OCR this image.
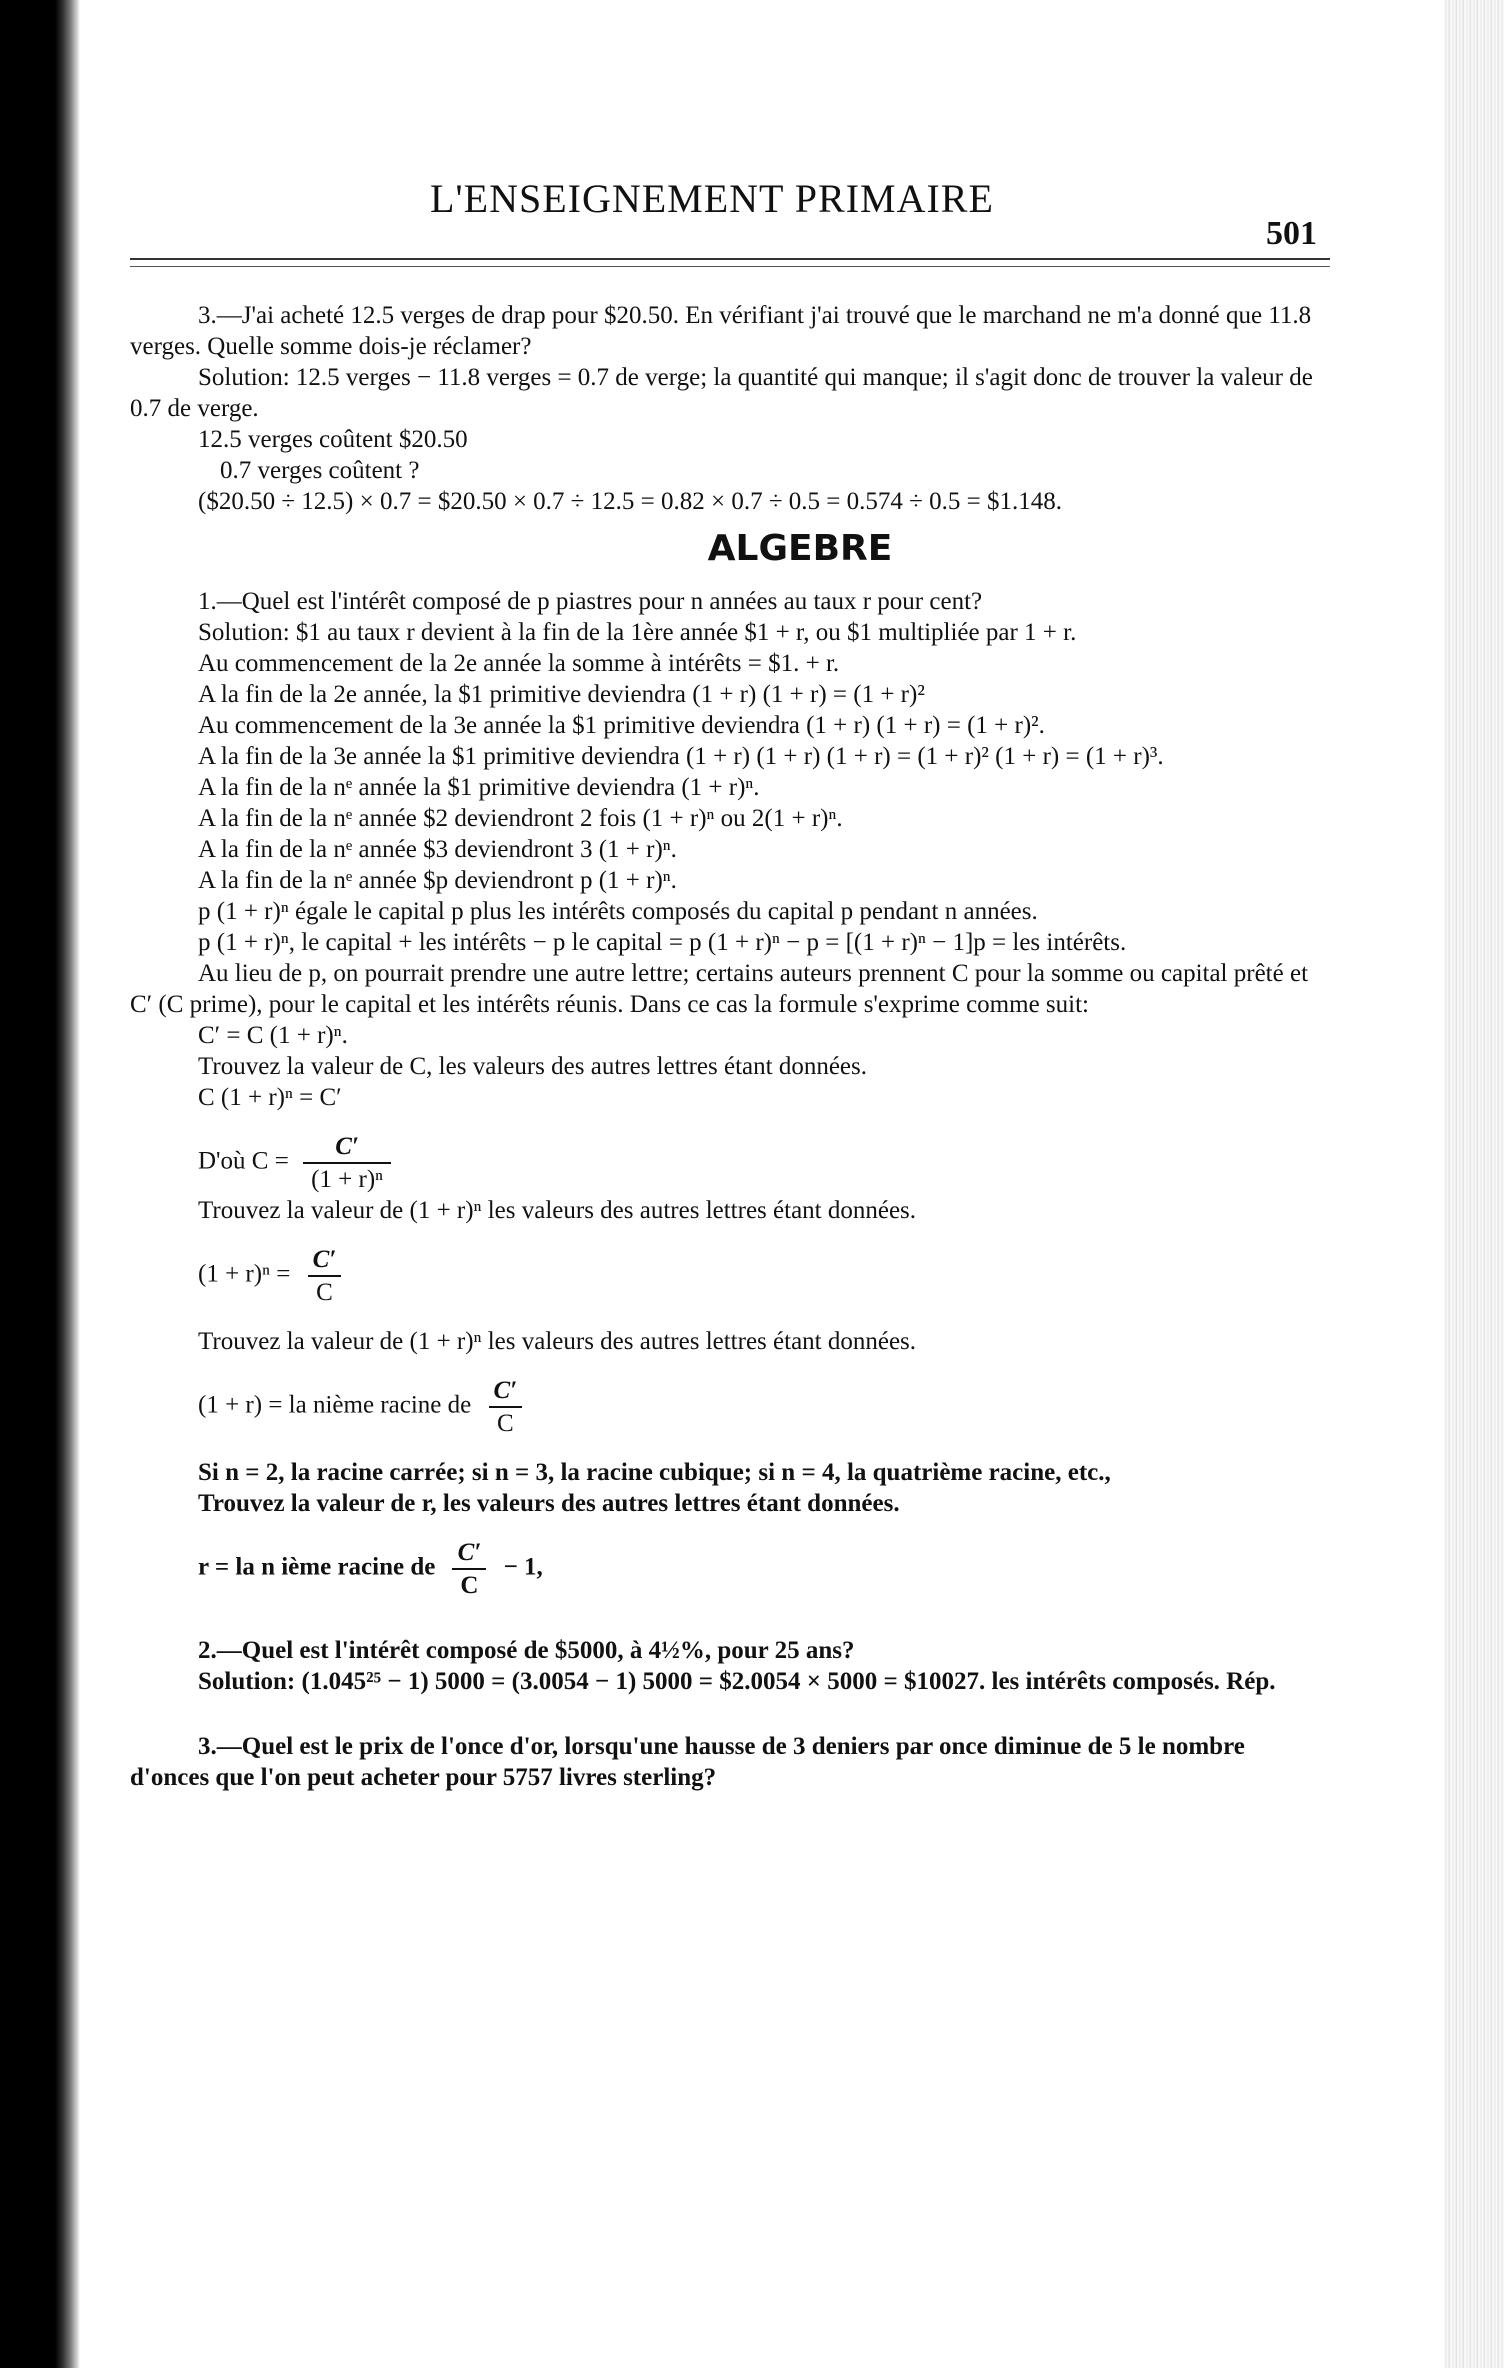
L'ENSEIGNEMENT PRIMAIRE
501

3.—J'ai acheté 12.5 verges de drap pour $20.50. En vérifiant j'ai trouvé que le marchand ne m'a donné que 11.8 verges. Quelle somme dois-je réclamer?

Solution: 12.5 verges − 11.8 verges = 0.7 de verge; la quantité qui manque; il s'agit donc de trouver la valeur de 0.7 de verge.

12.5 verges coûtent $20.50

0.7 verges coûtent ?

($20.50 ÷ 12.5) × 0.7 = $20.50 × 0.7 ÷ 12.5 = 0.82 × 0.7 ÷ 0.5 = 0.574 ÷ 0.5 = $1.148.

ALGEBRE

1.—Quel est l'intérêt composé de p piastres pour n années au taux r pour cent?

Solution: $1 au taux r devient à la fin de la 1ère année $1 + r, ou $1 multipliée par 1 + r.

Au commencement de la 2e année la somme à intérêts = $1. + r.

A la fin de la 2e année, la $1 primitive deviendra (1 + r) (1 + r) = (1 + r)²

Au commencement de la 3e année la $1 primitive deviendra (1 + r) (1 + r) = (1 + r)².

A la fin de la 3e année la $1 primitive deviendra (1 + r) (1 + r) (1 + r) = (1 + r)² (1 + r) = (1 + r)³.

A la fin de la nᵉ année la $1 primitive deviendra (1 + r)ⁿ.

A la fin de la nᵉ année $2 deviendront 2 fois (1 + r)ⁿ ou 2(1 + r)ⁿ.

A la fin de la nᵉ année $3 deviendront 3 (1 + r)ⁿ.

A la fin de la nᵉ année $p deviendront p (1 + r)ⁿ.

p (1 + r)ⁿ égale le capital p plus les intérêts composés du capital p pendant n années.

p (1 + r)ⁿ, le capital + les intérêts − p le capital = p (1 + r)ⁿ − p = [(1 + r)ⁿ − 1]p = les intérêts.

Au lieu de p, on pourrait prendre une autre lettre; certains auteurs prennent C pour la somme ou capital prêté et C′ (C prime), pour le capital et les intérêts réunis. Dans ce cas la formule s'exprime comme suit:

C′ = C (1 + r)ⁿ.

Trouvez la valeur de C, les valeurs des autres lettres étant données.

C (1 + r)ⁿ = C′

D'où $C = \frac{C'}{\text{(1 + r)ⁿ}}$

Trouvez la valeur de (1 + r)ⁿ les valeurs des autres lettres étant données.

$(1 + r)^n = \frac{C'}{C}$

Trouvez la valeur de (1 + r)ⁿ les valeurs des autres lettres étant données.

(1 + r) = la nième racine de $\frac{C'}{C}$

Si n = 2, la racine carrée; si n = 3, la racine cubique; si n = 4, la quatrième racine, etc.,

Trouvez la valeur de r, les valeurs des autres lettres étant données.

r = la n ième racine de $\frac{C'}{C} - 1$,

2.—Quel est l'intérêt composé de $5000, à 4½%, pour 25 ans?

Solution: (1.045²⁵ − 1) 5000 = (3.0054 − 1) 5000 = $2.0054 × 5000 = $10027. les intérêts composés. Rép.

3.—Quel est le prix de l'once d'or, lorsqu'une hausse de 3 deniers par once diminue de 5 le nombre d'onces que l'on peut acheter pour 5757 livres sterling?
